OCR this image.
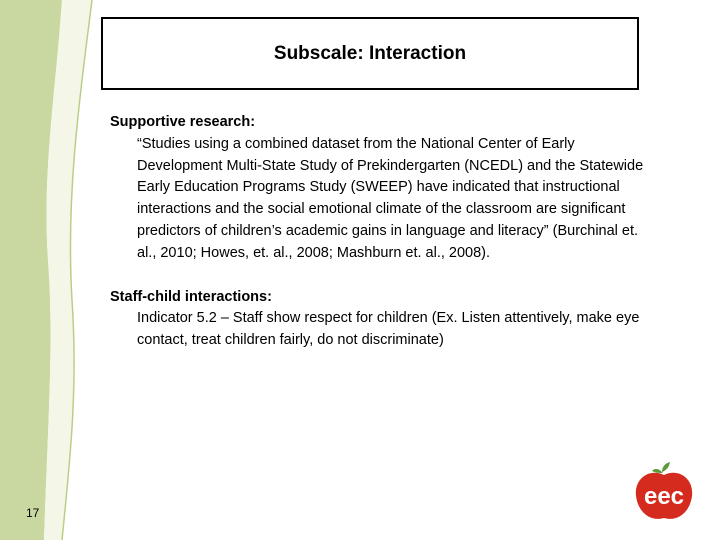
Subscale: Interaction

Supportive research:

“Studies using a combined dataset from the National Center of Early Development Multi-State Study of Prekindergarten (NCEDL) and the Statewide Early Education Programs Study (SWEEP) have indicated that instructional interactions and the social emotional climate of the classroom are significant predictors of children’s academic gains in language and literacy” (Burchinal et. al., 2010; Howes, et. al., 2008; Mashburn et. al., 2008).

Staff-child interactions:

Indicator 5.2 – Staff show respect for children (Ex. Listen attentively, make eye contact, treat children fairly, do not discriminate)

17
eec
